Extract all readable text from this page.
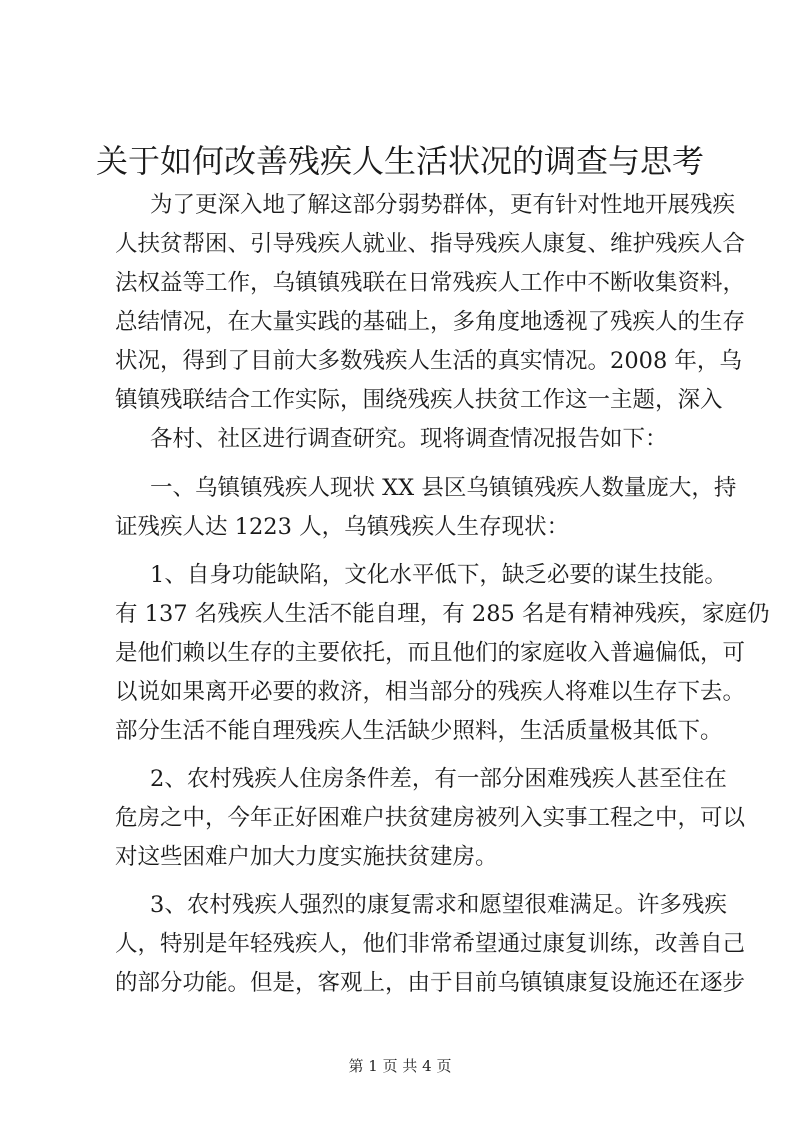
关于如何改善残疾人生活状况的调查与思考

为了更深入地了解这部分弱势群体，更有针对性地开展残疾

人扶贫帮困、引导残疾人就业、指导残疾人康复、维护残疾人合

法权益等工作，乌镇镇残联在日常残疾人工作中不断收集资料，

总结情况，在大量实践的基础上，多角度地透视了残疾人的生存

状况，得到了目前大多数残疾人生活的真实情况。2008 年，乌

镇镇残联结合工作实际，围绕残疾人扶贫工作这一主题，深入

各村、社区进行调查研究。现将调查情况报告如下：

一、乌镇镇残疾人现状 XX 县区乌镇镇残疾人数量庞大，持

证残疾人达 1223 人，乌镇残疾人生存现状：

1、自身功能缺陷，文化水平低下，缺乏必要的谋生技能。

有 137 名残疾人生活不能自理，有 285 名是有精神残疾，家庭仍

是他们赖以生存的主要依托，而且他们的家庭收入普遍偏低，可

以说如果离开必要的救济，相当部分的残疾人将难以生存下去。

部分生活不能自理残疾人生活缺少照料，生活质量极其低下。

2、农村残疾人住房条件差，有一部分困难残疾人甚至住在

危房之中，今年正好困难户扶贫建房被列入实事工程之中，可以

对这些困难户加大力度实施扶贫建房。

3、农村残疾人强烈的康复需求和愿望很难满足。许多残疾

人，特别是年轻残疾人，他们非常希望通过康复训练，改善自己

的部分功能。但是，客观上，由于目前乌镇镇康复设施还在逐步

第 1 页 共 4 页
